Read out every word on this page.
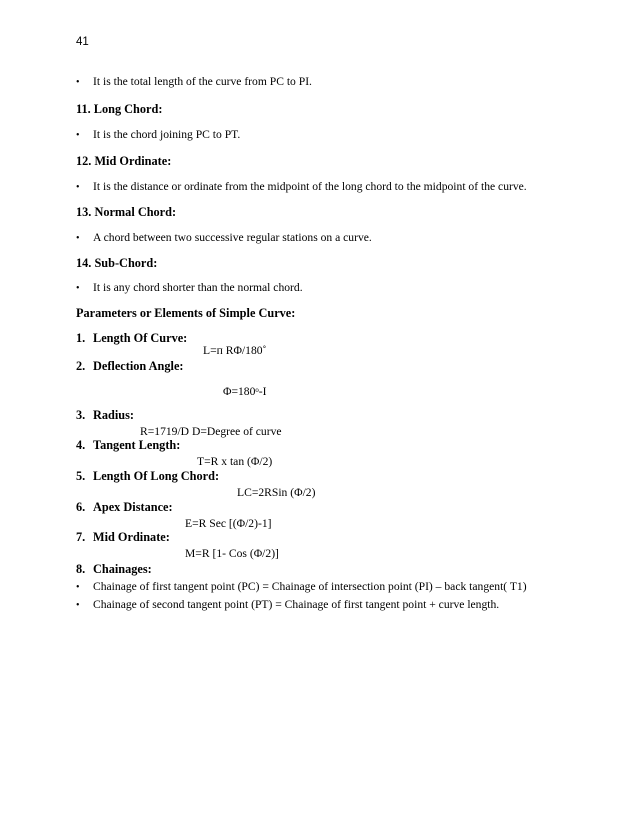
41
• It is the total length of the curve from PC to PI.
11. Long Chord:
• It is the chord joining PC to PT.
12. Mid Ordinate:
• It is the distance or ordinate from the midpoint of the long chord to the midpoint of the curve.
13. Normal Chord:
• A chord between two successive regular stations on a curve.
14. Sub-Chord:
• It is any chord shorter than the normal chord.
Parameters or Elements of Simple Curve:
1. Length Of Curve:
L=ᴨ RΦ/180˚
2. Deflection Angle:
Φ=180ᵒ-I
3. Radius:
R=1719/D D=Degree of curve
4. Tangent Length:
T=R x tan (Φ/2)
5. Length Of Long Chord:
LC=2RSin (Φ/2)
6. Apex Distance:
E=R Sec [(Φ/2)-1]
7. Mid Ordinate:
M=R [1- Cos (Φ/2)]
8. Chainages:
• Chainage of first tangent point (PC) = Chainage of intersection point (PI) – back tangent( T1)
• Chainage of second tangent point (PT) = Chainage of first tangent point + curve length.
